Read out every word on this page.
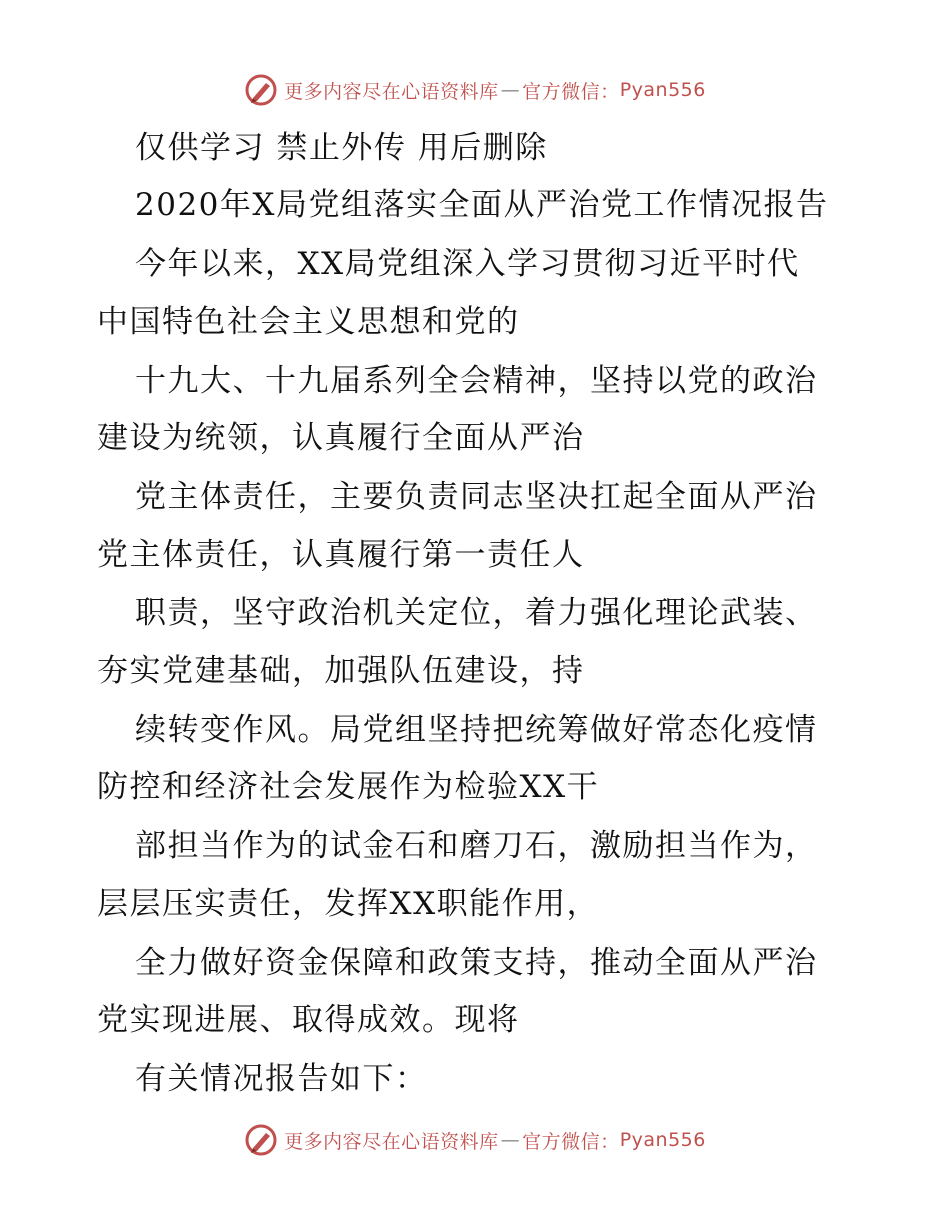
更多内容尽在心语资料库 — 官方微信： Pyan556
仅供学习 禁止外传 用后删除
2020年X局党组落实全面从严治党工作情况报告
今年以来，XX局党组深入学习贯彻习近平时代
中国特色社会主义思想和党的
十九大、十九届系列全会精神，坚持以党的政治
建设为统领，认真履行全面从严治
党主体责任，主要负责同志坚决扛起全面从严治
党主体责任，认真履行第一责任人
职责，坚守政治机关定位，着力强化理论武装、
夯实党建基础，加强队伍建设，持
续转变作风。局党组坚持把统筹做好常态化疫情
防控和经济社会发展作为检验XX干
部担当作为的试金石和磨刀石，激励担当作为，
层层压实责任，发挥XX职能作用，
全力做好资金保障和政策支持，推动全面从严治
党实现进展、取得成效。现将
有关情况报告如下：
更多内容尽在心语资料库 — 官方微信： Pyan556
